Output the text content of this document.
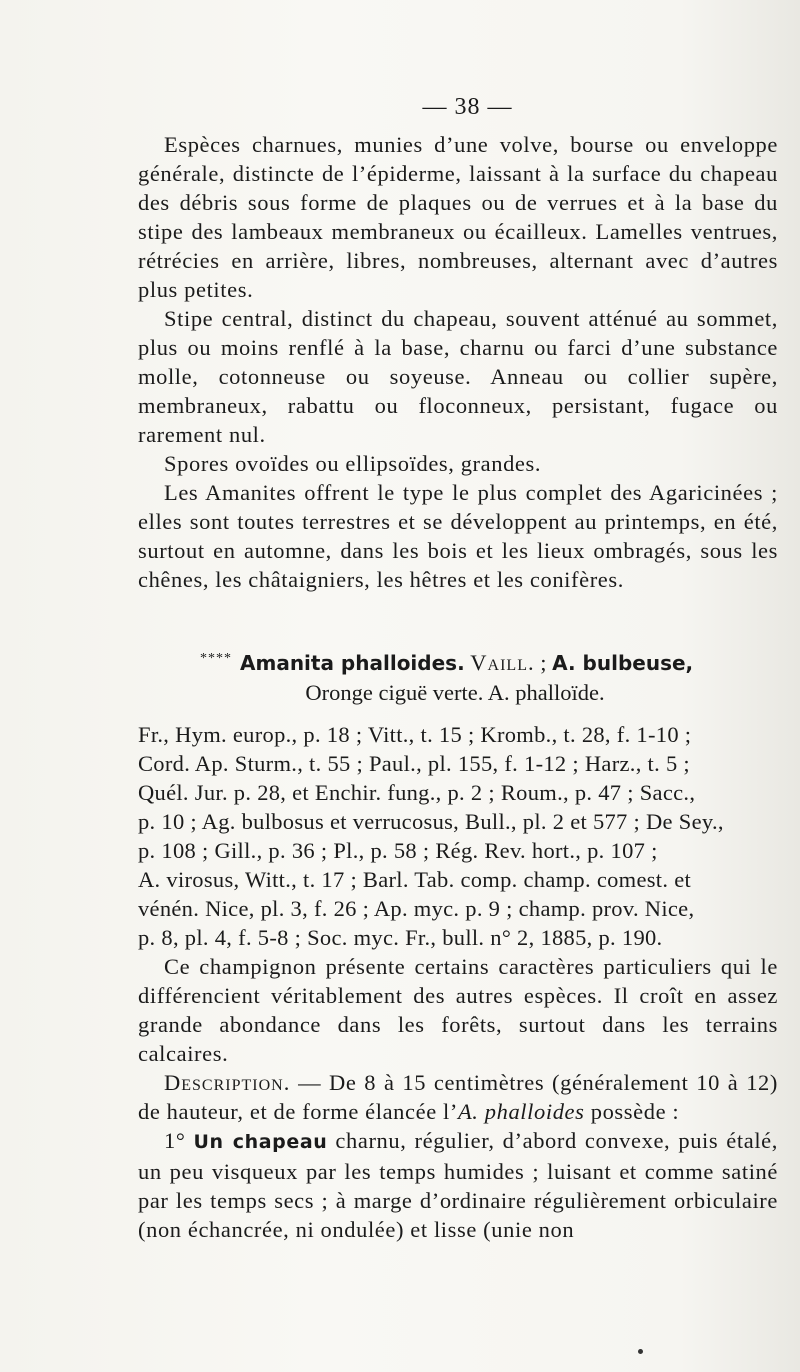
— 38 —

Espèces charnues, munies d’une volve, bourse ou enveloppe générale, distincte de l’épiderme, laissant à la surface du chapeau des débris sous forme de plaques ou de verrues et à la base du stipe des lambeaux membraneux ou écailleux. Lamelles ventrues, rétrécies en arrière, libres, nombreuses, alternant avec d’autres plus petites.

Stipe central, distinct du chapeau, souvent atténué au sommet, plus ou moins renflé à la base, charnu ou farci d’une substance molle, cotonneuse ou soyeuse. Anneau ou collier supère, membraneux, rabattu ou floconneux, persistant, fugace ou rarement nul.

Spores ovoïdes ou ellipsoïdes, grandes.

Les Amanites offrent le type le plus complet des Agaricinées ; elles sont toutes terrestres et se développent au printemps, en été, surtout en automne, dans les bois et les lieux ombragés, sous les chênes, les châtaigniers, les hêtres et les conifères.

**** Amanita phalloides. Vaill. ; A. bulbeuse,
Oronge ciguë verte. A. phalloïde.

Fr., Hym. europ., p. 18 ; Vitt., t. 15 ; Kromb., t. 28, f. 1-10 ;

Cord. Ap. Sturm., t. 55 ; Paul., pl. 155, f. 1-12 ; Harz., t. 5 ;

Quél. Jur. p. 28, et Enchir. fung., p. 2 ; Roum., p. 47 ; Sacc.,

p. 10 ; Ag. bulbosus et verrucosus, Bull., pl. 2 et 577 ; De Sey.,

p. 108 ; Gill., p. 36 ; Pl., p. 58 ; Rég. Rev. hort., p. 107 ;

A. virosus, Witt., t. 17 ; Barl. Tab. comp. champ. comest. et

vénén. Nice, pl. 3, f. 26 ; Ap. myc. p. 9 ; champ. prov. Nice,

p. 8, pl. 4, f. 5-8 ; Soc. myc. Fr., bull. n° 2, 1885, p. 190.

Ce champignon présente certains caractères particuliers qui le différencient véritablement des autres espèces. Il croît en assez grande abondance dans les forêts, surtout dans les terrains calcaires.

Description. — De 8 à 15 centimètres (généralement 10 à 12) de hauteur, et de forme élancée l’A. phalloides possède :

1° Un chapeau charnu, régulier, d’abord convexe, puis étalé, un peu visqueux par les temps humides ; luisant et comme satiné par les temps secs ; à marge d’ordinaire régulièrement orbiculaire (non échancrée, ni ondulée) et lisse (unie non
